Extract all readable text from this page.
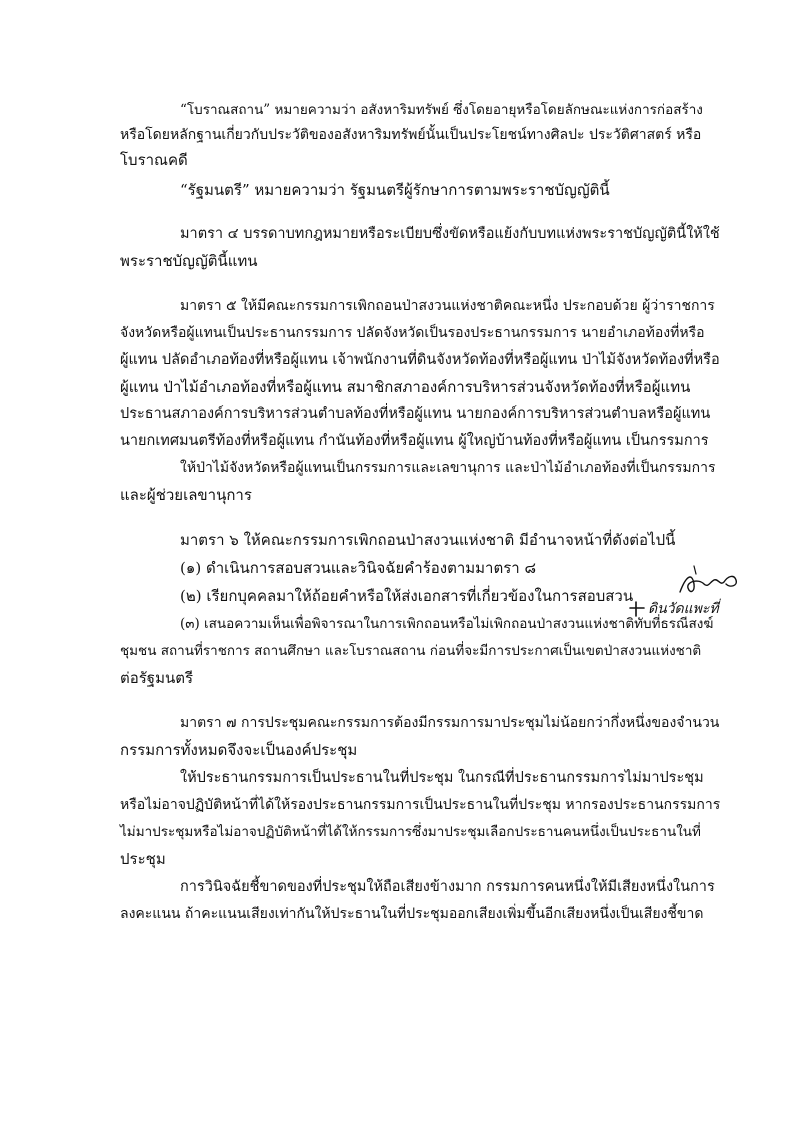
“โบราณสถาน” หมายความว่า อสังหาริมทรัพย์ ซึ่งโดยอายุหรือโดยลักษณะแห่งการก่อสร้าง
หรือโดยหลักฐานเกี่ยวกับประวัติของอสังหาริมทรัพย์นั้นเป็นประโยชน์ทางศิลปะ ประวัติศาสตร์ หรือ
โบราณคดี
“รัฐมนตรี” หมายความว่า รัฐมนตรีผู้รักษาการตามพระราชบัญญัตินี้
มาตรา ๔ บรรดาบทกฎหมายหรือระเบียบซึ่งขัดหรือแย้งกับบทแห่งพระราชบัญญัตินี้ให้ใช้
พระราชบัญญัตินี้แทน
มาตรา ๕ ให้มีคณะกรรมการเพิกถอนป่าสงวนแห่งชาติคณะหนึ่ง ประกอบด้วย ผู้ว่าราชการ
จังหวัดหรือผู้แทนเป็นประธานกรรมการ ปลัดจังหวัดเป็นรองประธานกรรมการ นายอำเภอท้องที่หรือ
ผู้แทน ปลัดอำเภอท้องที่หรือผู้แทน เจ้าพนักงานที่ดินจังหวัดท้องที่หรือผู้แทน ป่าไม้จังหวัดท้องที่หรือ
ผู้แทน ป่าไม้อำเภอท้องที่หรือผู้แทน สมาชิกสภาองค์การบริหารส่วนจังหวัดท้องที่หรือผู้แทน
ประธานสภาองค์การบริหารส่วนตำบลท้องที่หรือผู้แทน นายกองค์การบริหารส่วนตำบลหรือผู้แทน
นายกเทศมนตรีท้องที่หรือผู้แทน กำนันท้องที่หรือผู้แทน ผู้ใหญ่บ้านท้องที่หรือผู้แทน เป็นกรรมการ
ให้ป่าไม้จังหวัดหรือผู้แทนเป็นกรรมการและเลขานุการ และป่าไม้อำเภอท้องที่เป็นกรรมการ
และผู้ช่วยเลขานุการ
มาตรา ๖ ให้คณะกรรมการเพิกถอนป่าสงวนแห่งชาติ มีอำนาจหน้าที่ดังต่อไปนี้
(๑) ดำเนินการสอบสวนและวินิจฉัยคำร้องตามมาตรา ๘
(๒) เรียกบุคคลมาให้ถ้อยคำหรือให้ส่งเอกสารที่เกี่ยวข้องในการสอบสวน
(๓) เสนอความเห็นเพื่อพิจารณาในการเพิกถอนหรือไม่เพิกถอนป่าสงวนแห่งชาติทับที่ธรณีสงฆ์
ชุมชน สถานที่ราชการ สถานศึกษา และโบราณสถาน ก่อนที่จะมีการประกาศเป็นเขตป่าสงวนแห่งชาติ
ต่อรัฐมนตรี
มาตรา ๗ การประชุมคณะกรรมการต้องมีกรรมการมาประชุมไม่น้อยกว่ากึ่งหนึ่งของจำนวน
กรรมการทั้งหมดจึงจะเป็นองค์ประชุม
ให้ประธานกรรมการเป็นประธานในที่ประชุม ในกรณีที่ประธานกรรมการไม่มาประชุม
หรือไม่อาจปฏิบัติหน้าที่ได้ให้รองประธานกรรมการเป็นประธานในที่ประชุม หากรองประธานกรรมการ
ไม่มาประชุมหรือไม่อาจปฏิบัติหน้าที่ได้ให้กรรมการซึ่งมาประชุมเลือกประธานคนหนึ่งเป็นประธานในที่
ประชุม
การวินิจฉัยชี้ขาดของที่ประชุมให้ถือเสียงข้างมาก กรรมการคนหนึ่งให้มีเสียงหนึ่งในการ
ลงคะแนน ถ้าคะแนนเสียงเท่ากันให้ประธานในที่ประชุมออกเสียงเพิ่มขึ้นอีกเสียงหนึ่งเป็นเสียงชี้ขาด
ดินวัดแพะที่
